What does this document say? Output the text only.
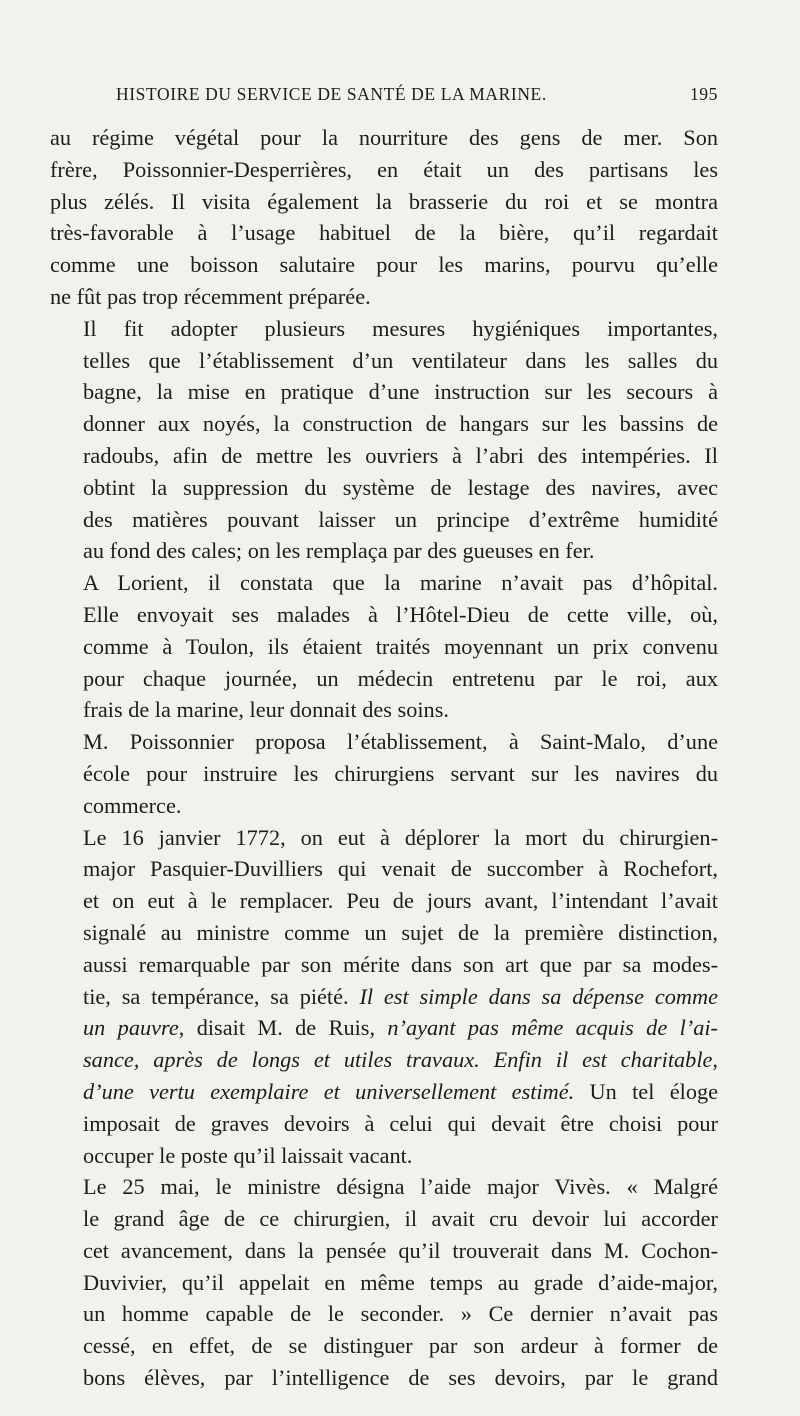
HISTOIRE DU SERVICE DE SANTÉ DE LA MARINE.	195

au régime végétal pour la nourriture des gens de mer. Son
frère, Poissonnier-Desperrières, en était un des partisans les
plus zélés. Il visita également la brasserie du roi et se montra
très-favorable à l’usage habituel de la bière, qu’il regardait
comme une boisson salutaire pour les marins, pourvu qu’elle
ne fût pas trop récemment préparée.

Il fit adopter plusieurs mesures hygiéniques importantes,
telles que l’établissement d’un ventilateur dans les salles du
bagne, la mise en pratique d’une instruction sur les secours à
donner aux noyés, la construction de hangars sur les bassins de
radoubs, afin de mettre les ouvriers à l’abri des intempéries. Il
obtint la suppression du système de lestage des navires, avec
des matières pouvant laisser un principe d’extrême humidité
au fond des cales; on les remplaça par des gueuses en fer.

A Lorient, il constata que la marine n’avait pas d’hôpital.
Elle envoyait ses malades à l’Hôtel-Dieu de cette ville, où,
comme à Toulon, ils étaient traités moyennant un prix convenu
pour chaque journée, un médecin entretenu par le roi, aux
frais de la marine, leur donnait des soins.

M. Poissonnier proposa l’établissement, à Saint-Malo, d’une
école pour instruire les chirurgiens servant sur les navires du
commerce.

Le 16 janvier 1772, on eut à déplorer la mort du chirurgien-
major Pasquier-Duvilliers qui venait de succomber à Rochefort,
et on eut à le remplacer. Peu de jours avant, l’intendant l’avait
signalé au ministre comme un sujet de la première distinction,
aussi remarquable par son mérite dans son art que par sa modes-
tie, sa tempérance, sa piété. Il est simple dans sa dépense comme
un pauvre, disait M. de Ruis, n’ayant pas même acquis de l’ai-
sance, après de longs et utiles travaux. Enfin il est charitable,
d’une vertu exemplaire et universellement estimé. Un tel éloge
imposait de graves devoirs à celui qui devait être choisi pour
occuper le poste qu’il laissait vacant.

Le 25 mai, le ministre désigna l’aide major Vivès. « Malgré
le grand âge de ce chirurgien, il avait cru devoir lui accorder
cet avancement, dans la pensée qu’il trouverait dans M. Cochon-
Duvivier, qu’il appelait en même temps au grade d’aide-major,
un homme capable de le seconder. » Ce dernier n’avait pas
cessé, en effet, de se distinguer par son ardeur à former de
bons élèves, par l’intelligence de ses devoirs, par le grand
